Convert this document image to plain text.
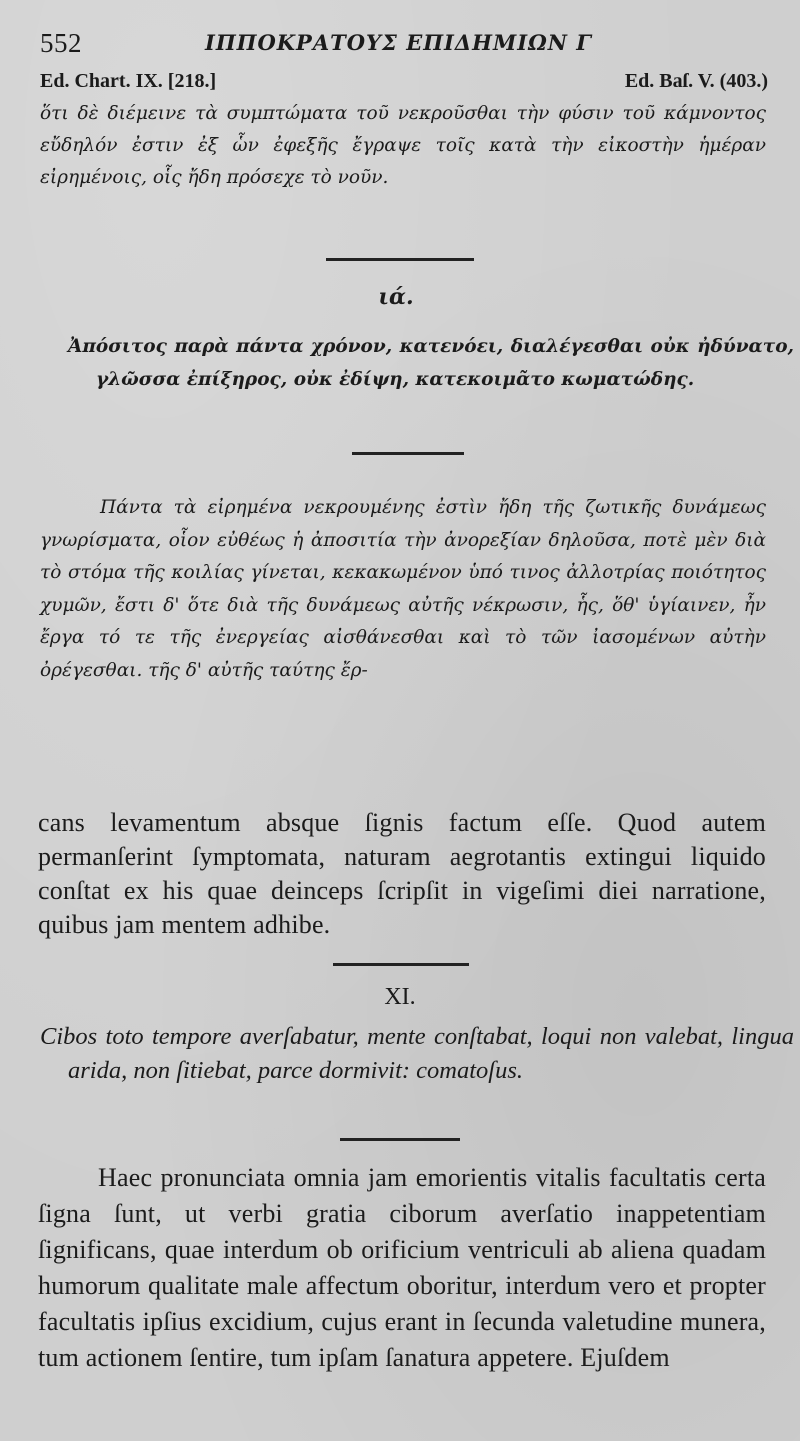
552	ΙΠΠΟΚΡΑΤΟΥΣ ΕΠΙΔΗΜΙΩΝ Γ
Ed. Chart. IX. [218.]	Ed. Baſ. V. (403.)
ὅτι δὲ διέμεινε τὰ συμπτώματα τοῦ νεκροῦσθαι τὴν φύσιν τοῦ κάμνοντος εὔδηλόν ἐστιν ἐξ ὧν ἐφεξῆς ἔγραψε τοῖς κατὰ τὴν εἰκοστὴν ἡμέραν εἰρημένοις, οἷς ἤδη πρόσεχε τὸ νοῦν.
ιά.
Ἀπόσιτος παρὰ πάντα χρόνον, κατενόει, διαλέγεσθαι οὐκ ἠδύνατο, γλῶσσα ἐπίξηρος, οὐκ ἐδίψη, κατεκοιμᾶτο κωματώδης.
Πάντα τὰ εἰρημένα νεκρουμένης ἐστὶν ἤδη τῆς ζωτικῆς δυνάμεως γνωρίσματα, οἷον εὐθέως ἡ ἀποσιτία τὴν ἀνορεξίαν δηλοῦσα, ποτὲ μὲν διὰ τὸ στόμα τῆς κοιλίας γίνεται, κεκακωμένον ὑπό τινος ἀλλοτρίας ποιότητος χυμῶν, ἔστι δ' ὅτε διὰ τῆς δυνάμεως αὐτῆς νέκρωσιν, ἧς, ὅθ' ὑγίαινεν, ἦν ἔργα τό τε τῆς ἐνεργείας αἰσθάνεσθαι καὶ τὸ τῶν ἰασομένων αὐτὴν ὀρέγεσθαι. τῆς δ' αὐτῆς ταύτης ἔρ-
cans levamentum absque ſignis factum eſſe. Quod autem permanſerint ſymptomata, naturam aegrotantis extingui liquido conſtat ex his quae deinceps ſcripſit in vigeſimi diei narratione, quibus jam mentem adhibe.
XI.
Cibos toto tempore averſabatur, mente conſtabat, loqui non valebat, lingua arida, non ſitiebat, parce dormivit: comatoſus.
Haec pronunciata omnia jam emorientis vitalis facultatis certa ſigna ſunt, ut verbi gratia ciborum averſatio inappetentiam ſignificans, quae interdum ob orificium ventriculi ab aliena quadam humorum qualitate male affectum oboritur, interdum vero et propter facultatis ipſius excidium, cujus erant in ſecunda valetudine munera, tum actionem ſentire, tum ipſam ſanatura appetere. Ejuſdem
